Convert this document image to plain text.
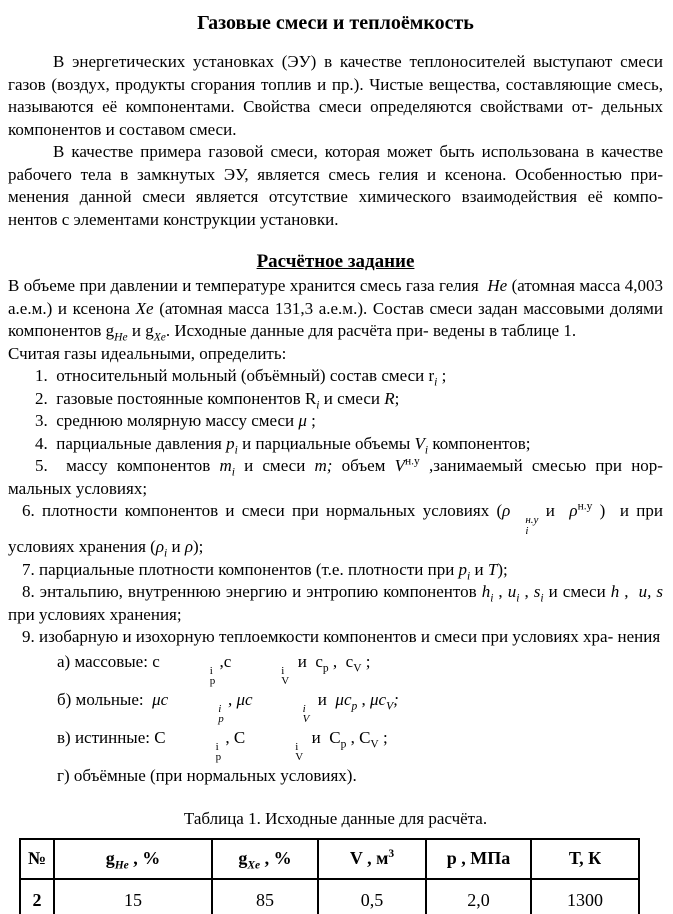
Газовые смеси и теплоёмкость

В энергетических установках (ЭУ) в качестве теплоносителей выступают смеси газов (воздух, продукты сгорания топлив и пр.). Чистые вещества, составляющие смесь, называются её компонентами. Свойства смеси определяются свойствами от- дельных компонентов и составом смеси.

В качестве примера газовой смеси, которая может быть использована в качестве рабочего тела в замкнутых ЭУ, является смесь гелия и ксенона. Особенностью при- менения данной смеси является отсутствие химического взаимодействия её компо- нентов с элементами конструкции установки.

Расчётное задание

В объеме при давлении и температуре хранится смесь газа гелия  Не (атомная масса 4,003 а.е.м.) и ксенона Хе (атомная масса 131,3 а.е.м.). Состав смеси задан массовыми долями компонентов $g_{He}$ и $g_{Xe}$. Исходные данные для расчёта при- ведены в таблице 1.

Считая газы идеальными, определить:

1.  относительный мольный (объёмный) состав смеси $r_i$ ;

2.  газовые постоянные компонентов $R_i$ и смеси R;

3.  среднюю молярную массу смеси μ ;

4.  парциальные давления $p_i$ и парциальные объемы $V_i$ компонентов;

5.  массу компонентов $m_i$ и смеси m; объем $V^{н.у}$ ,занимаемый смесью при нор- мальных условиях;

6. плотности компонентов и смеси при нормальных условиях (ρ	н.у
i
и  $\rho^{н.у}$ )  и при условиях хранения ($\rho_i$ и ρ);

7. парциальные плотности компонентов (т.е. плотности при $p_i$ и T);

8. энтальпию, внутреннюю энергию и энтропию компонентов $h_i$ , $u_i$ , $s_i$ и смеси h ,  u, s при условиях хранения;

9. изобарную и изохорную теплоемкости компонентов и смеси при условиях хра- нения

а) массовые: c	i
p
,c	i
V
и  $c_p$ ,  $c_V$ ;

б) мольные:  μc	i
p
, μc	i
V
и  $\mu c_p$ , $\mu c_V$;

в) истинные: C	i
p
, C	i
V
и  $C_p$ , $C_V$ ;

г) объёмные (при нормальных условиях).

Таблица 1. Исходные данные для расчёта.

№	$g_{He}$ , %	$g_{Xe}$ , %	V , $м^3$	p , МПа	Т, К
2	15	85	0,5	2,0	1300
